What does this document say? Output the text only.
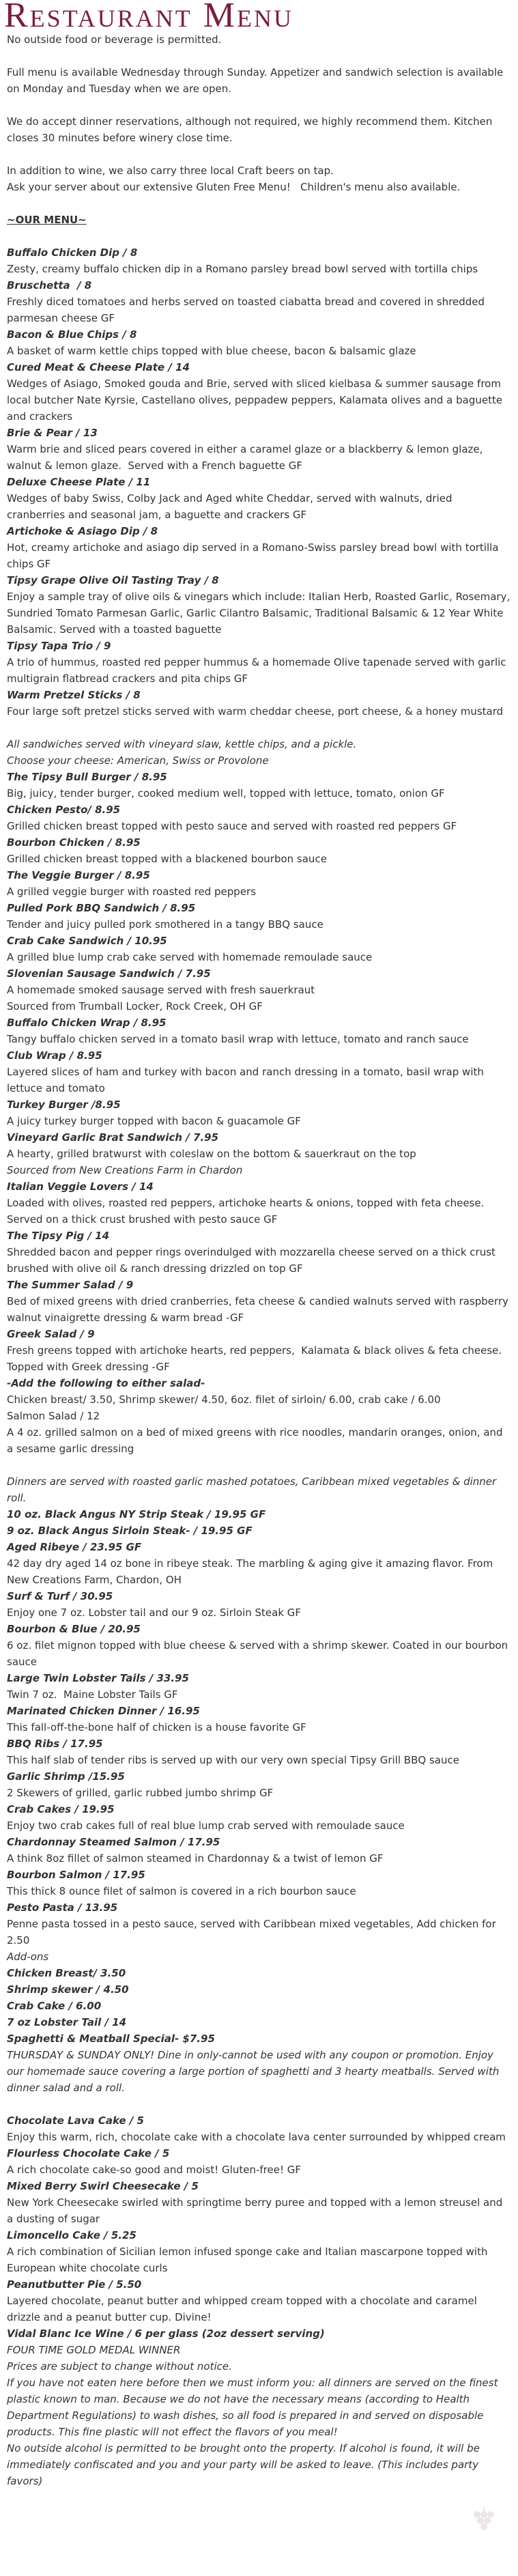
Restaurant Menu
No outside food or beverage is permitted.
Full menu is available Wednesday through Sunday. Appetizer and sandwich selection is available on Monday and Tuesday when we are open.
We do accept dinner reservations, although not required, we highly recommend them. Kitchen closes 30 minutes before winery close time.
In addition to wine, we also carry three local Craft beers on tap.
Ask your server about our extensive Gluten Free Menu!   Children's menu also available.
~OUR MENU~
Buffalo Chicken Dip / 8
Zesty, creamy buffalo chicken dip in a Romano parsley bread bowl served with tortilla chips
Bruschetta  / 8
Freshly diced tomatoes and herbs served on toasted ciabatta bread and covered in shredded parmesan cheese GF
Bacon & Blue Chips / 8
A basket of warm kettle chips topped with blue cheese, bacon & balsamic glaze
Cured Meat & Cheese Plate / 14
Wedges of Asiago, Smoked gouda and Brie, served with sliced kielbasa & summer sausage from local butcher Nate Kyrsie, Castellano olives, peppadew peppers, Kalamata olives and a baguette and crackers
Brie & Pear / 13
Warm brie and sliced pears covered in either a caramel glaze or a blackberry & lemon glaze, walnut & lemon glaze.  Served with a French baguette GF
Deluxe Cheese Plate / 11
Wedges of baby Swiss, Colby Jack and Aged white Cheddar, served with walnuts, dried cranberries and seasonal jam, a baguette and crackers GF
Artichoke & Asiago Dip / 8
Hot, creamy artichoke and asiago dip served in a Romano-Swiss parsley bread bowl with tortilla chips GF
Tipsy Grape Olive Oil Tasting Tray / 8
Enjoy a sample tray of olive oils & vinegars which include: Italian Herb, Roasted Garlic, Rosemary, Sundried Tomato Parmesan Garlic, Garlic Cilantro Balsamic, Traditional Balsamic & 12 Year White Balsamic. Served with a toasted baguette
Tipsy Tapa Trio / 9
A trio of hummus, roasted red pepper hummus & a homemade Olive tapenade served with garlic multigrain flatbread crackers and pita chips GF
Warm Pretzel Sticks / 8
Four large soft pretzel sticks served with warm cheddar cheese, port cheese, & a honey mustard
All sandwiches served with vineyard slaw, kettle chips, and a pickle.
Choose your cheese: American, Swiss or Provolone
The Tipsy Bull Burger / 8.95
Big, juicy, tender burger, cooked medium well, topped with lettuce, tomato, onion GF
Chicken Pesto/ 8.95
Grilled chicken breast topped with pesto sauce and served with roasted red peppers GF
Bourbon Chicken / 8.95
Grilled chicken breast topped with a blackened bourbon sauce
The Veggie Burger / 8.95
A grilled veggie burger with roasted red peppers
Pulled Pork BBQ Sandwich / 8.95
Tender and juicy pulled pork smothered in a tangy BBQ sauce
Crab Cake Sandwich / 10.95
A grilled blue lump crab cake served with homemade remoulade sauce
Slovenian Sausage Sandwich / 7.95
A homemade smoked sausage served with fresh sauerkraut
Sourced from Trumball Locker, Rock Creek, OH GF
Buffalo Chicken Wrap / 8.95
Tangy buffalo chicken served in a tomato basil wrap with lettuce, tomato and ranch sauce
Club Wrap / 8.95
Layered slices of ham and turkey with bacon and ranch dressing in a tomato, basil wrap with lettuce and tomato
Turkey Burger /8.95
A juicy turkey burger topped with bacon & guacamole GF
Vineyard Garlic Brat Sandwich / 7.95
A hearty, grilled bratwurst with coleslaw on the bottom & sauerkraut on the top
Sourced from New Creations Farm in Chardon
Italian Veggie Lovers / 14
Loaded with olives, roasted red peppers, artichoke hearts & onions, topped with feta cheese. Served on a thick crust brushed with pesto sauce GF
The Tipsy Pig / 14
Shredded bacon and pepper rings overindulged with mozzarella cheese served on a thick crust brushed with olive oil & ranch dressing drizzled on top GF
The Summer Salad / 9
Bed of mixed greens with dried cranberries, feta cheese & candied walnuts served with raspberry walnut vinaigrette dressing & warm bread -GF
Greek Salad / 9
Fresh greens topped with artichoke hearts, red peppers,  Kalamata & black olives & feta cheese. Topped with Greek dressing -GF
-Add the following to either salad-
Chicken breast/ 3.50, Shrimp skewer/ 4.50, 6oz. filet of sirloin/ 6.00, crab cake / 6.00
Salmon Salad / 12
A 4 oz. grilled salmon on a bed of mixed greens with rice noodles, mandarin oranges, onion, and a sesame garlic dressing
Dinners are served with roasted garlic mashed potatoes, Caribbean mixed vegetables & dinner roll.
10 oz. Black Angus NY Strip Steak / 19.95 GF
9 oz. Black Angus Sirloin Steak- / 19.95 GF
Aged Ribeye / 23.95 GF
42 day dry aged 14 oz bone in ribeye steak. The marbling & aging give it amazing flavor. From New Creations Farm, Chardon, OH
Surf & Turf / 30.95
Enjoy one 7 oz. Lobster tail and our 9 oz. Sirloin Steak GF
Bourbon & Blue / 20.95
6 oz. filet mignon topped with blue cheese & served with a shrimp skewer. Coated in our bourbon sauce
Large Twin Lobster Tails / 33.95
Twin 7 oz.  Maine Lobster Tails GF
Marinated Chicken Dinner / 16.95
This fall-off-the-bone half of chicken is a house favorite GF
BBQ Ribs / 17.95
This half slab of tender ribs is served up with our very own special Tipsy Grill BBQ sauce
Garlic Shrimp /15.95
2 Skewers of grilled, garlic rubbed jumbo shrimp GF
Crab Cakes / 19.95
Enjoy two crab cakes full of real blue lump crab served with remoulade sauce
Chardonnay Steamed Salmon / 17.95
A think 8oz fillet of salmon steamed in Chardonnay & a twist of lemon GF
Bourbon Salmon / 17.95
This thick 8 ounce filet of salmon is covered in a rich bourbon sauce
Pesto Pasta / 13.95
Penne pasta tossed in a pesto sauce, served with Caribbean mixed vegetables, Add chicken for 2.50
Add-ons
Chicken Breast/ 3.50
Shrimp skewer / 4.50
Crab Cake / 6.00
7 oz Lobster Tail / 14
Spaghetti & Meatball Special- $7.95
THURSDAY & SUNDAY ONLY! Dine in only-cannot be used with any coupon or promotion. Enjoy our homemade sauce covering a large portion of spaghetti and 3 hearty meatballs. Served with dinner salad and a roll.
Chocolate Lava Cake / 5
Enjoy this warm, rich, chocolate cake with a chocolate lava center surrounded by whipped cream
Flourless Chocolate Cake / 5
A rich chocolate cake-so good and moist! Gluten-free! GF
Mixed Berry Swirl Cheesecake / 5
New York Cheesecake swirled with springtime berry puree and topped with a lemon streusel and a dusting of sugar
Limoncello Cake / 5.25
A rich combination of Sicilian lemon infused sponge cake and Italian mascarpone topped with European white chocolate curls
Peanutbutter Pie / 5.50
Layered chocolate, peanut butter and whipped cream topped with a chocolate and caramel drizzle and a peanut butter cup. Divine!
Vidal Blanc Ice Wine / 6 per glass (2oz dessert serving)
FOUR TIME GOLD MEDAL WINNER
Prices are subject to change without notice.
If you have not eaten here before then we must inform you: all dinners are served on the finest plastic known to man. Because we do not have the necessary means (according to Health Department Regulations) to wash dishes, so all food is prepared in and served on disposable products. This fine plastic will not effect the flavors of you meal!
No outside alcohol is permitted to be brought onto the property. If alcohol is found, it will be immediately confiscated and you and your party will be asked to leave. (This includes party favors)
